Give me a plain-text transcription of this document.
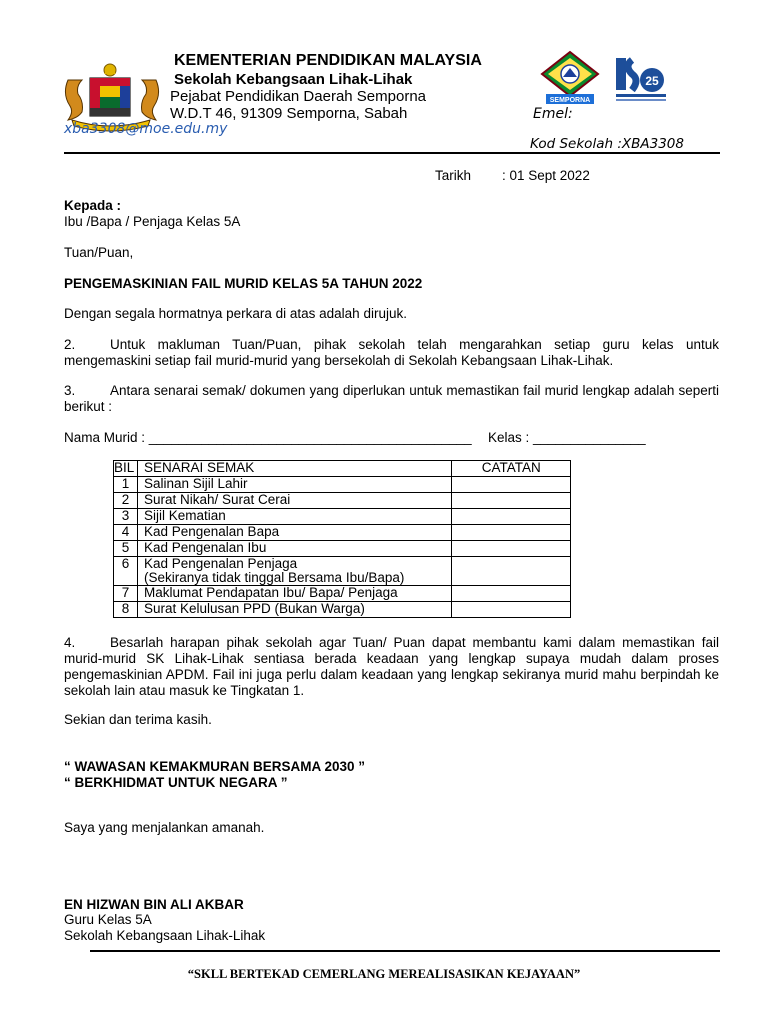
KEMENTERIAN PENDIDIKAN MALAYSIA
Sekolah Kebangsaan Lihak-Lihak
Pejabat Pendidikan Daerah Semporna
W.D.T 46, 91309 Semporna, Sabah	Emel:
xba3308@moe.edu.my
Kod Sekolah :XBA3308
SEMPORNA
25
Tarikh : 01 Sept 2022
Kepada :
Ibu /Bapa / Penjaga Kelas 5A
Tuan/Puan,
PENGEMASKINIAN FAIL MURID KELAS 5A TAHUN 2022
Dengan segala hormatnya perkara di atas adalah dirujuk.
2.	Untuk makluman Tuan/Puan, pihak sekolah telah mengarahkan setiap guru kelas untuk mengemaskini setiap fail murid-murid yang bersekolah di Sekolah Kebangsaan Lihak-Lihak.
3.	Antara senarai semak/ dokumen yang diperlukan untuk memastikan fail murid lengkap adalah seperti berikut :
Nama Murid : ___________________________________________ Kelas : _______________
BIL	SENARAI SEMAK	CATATAN
1	Salinan Sijil Lahir	
2	Surat Nikah/ Surat Cerai	
3	Sijil Kematian	
4	Kad Pengenalan Bapa	
5	Kad Pengenalan Ibu	
6	Kad Pengenalan Penjaga
(Sekiranya tidak tinggal Bersama Ibu/Bapa)	

7	Maklumat Pendapatan Ibu/ Bapa/ Penjaga	
8	Surat Kelulusan PPD (Bukan Warga)	
4.	Besarlah harapan pihak sekolah agar Tuan/ Puan dapat membantu kami dalam memastikan fail murid-murid SK Lihak-Lihak sentiasa berada keadaan yang lengkap supaya mudah dalam proses pengemaskinian APDM. Fail ini juga perlu dalam keadaan yang lengkap sekiranya murid mahu berpindah ke sekolah lain atau masuk ke Tingkatan 1.
Sekian dan terima kasih.
“ WAWASAN KEMAKMURAN BERSAMA 2030 ”
“ BERKHIDMAT UNTUK NEGARA ”
Saya yang menjalankan amanah.
EN HIZWAN BIN ALI AKBAR
Guru Kelas 5A
Sekolah Kebangsaan Lihak-Lihak
“SKLL BERTEKAD CEMERLANG MEREALISASIKAN KEJAYAAN”
